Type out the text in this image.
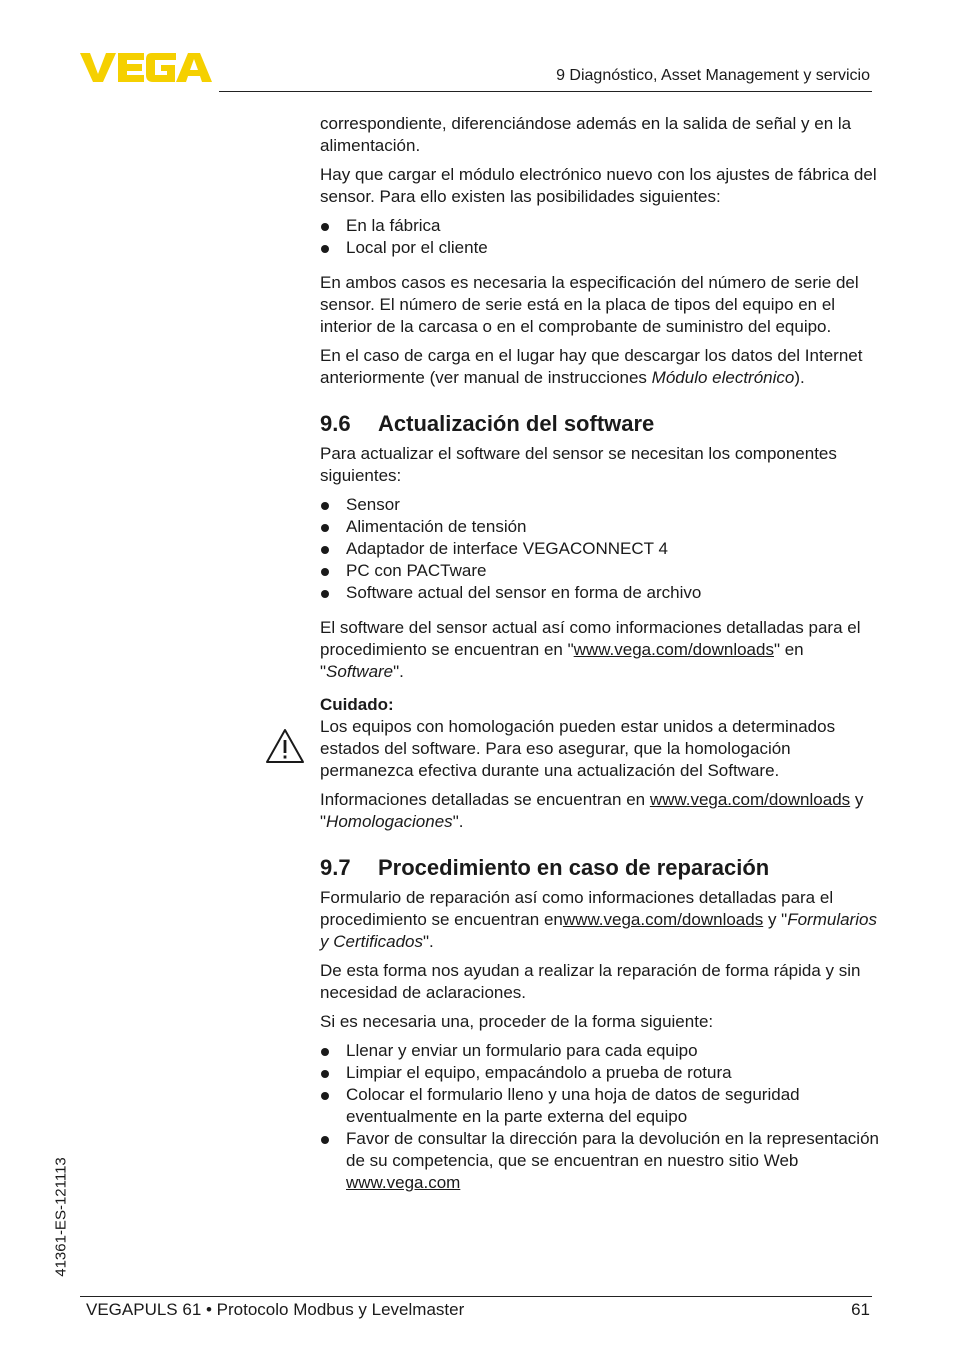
9 Diagnóstico, Asset Management y servicio
41361-ES-121113

correspondiente, diferenciándose además en la salida de señal y en la alimentación.

Hay que cargar el módulo electrónico nuevo con los ajustes de fábrica del sensor. Para ello existen las posibilidades siguientes:

En la fábrica
Local por el cliente

En ambos casos es necesaria la especificación del número de serie del sensor. El número de serie está en la placa de tipos del equipo en el interior de la carcasa o en el comprobante de suministro del equipo.

En el caso de carga en el lugar hay que descargar los datos del Internet anteriormente (ver manual de instrucciones Módulo electrónico).

9.6 Actualización del software

Para actualizar el software del sensor se necesitan los componentes siguientes:

Sensor
Alimentación de tensión
Adaptador de interface VEGACONNECT 4
PC con PACTware
Software actual del sensor en forma de archivo

El software del sensor actual así como informaciones detalladas para el procedimiento se encuentran en "www.vega.com/downloads" en "Software".

Cuidado:

Los equipos con homologación pueden estar unidos a determinados estados del software. Para eso asegurar, que la homologación permanezca efectiva durante una actualización del Software.

Informaciones detalladas se encuentran en www.vega.com/downloads y "Homologaciones".

9.7 Procedimiento en caso de reparación

Formulario de reparación así como informaciones detalladas para el procedimiento se encuentran enwww.vega.com/downloads y "Formularios y Certificados".

De esta forma nos ayudan a realizar la reparación de forma rápida y sin necesidad de aclaraciones.

Si es necesaria una, proceder de la forma siguiente:

Llenar y enviar un formulario para cada equipo
Limpiar el equipo, empacándolo a prueba de rotura
Colocar el formulario lleno y una hoja de datos de seguridad eventualmente en la parte externa del equipo
Favor de consultar la dirección para la devolución en la representación de su competencia, que se encuentran en nuestro sitio Web www.vega.com
VEGAPULS 61 • Protocolo Modbus y Levelmaster	61
